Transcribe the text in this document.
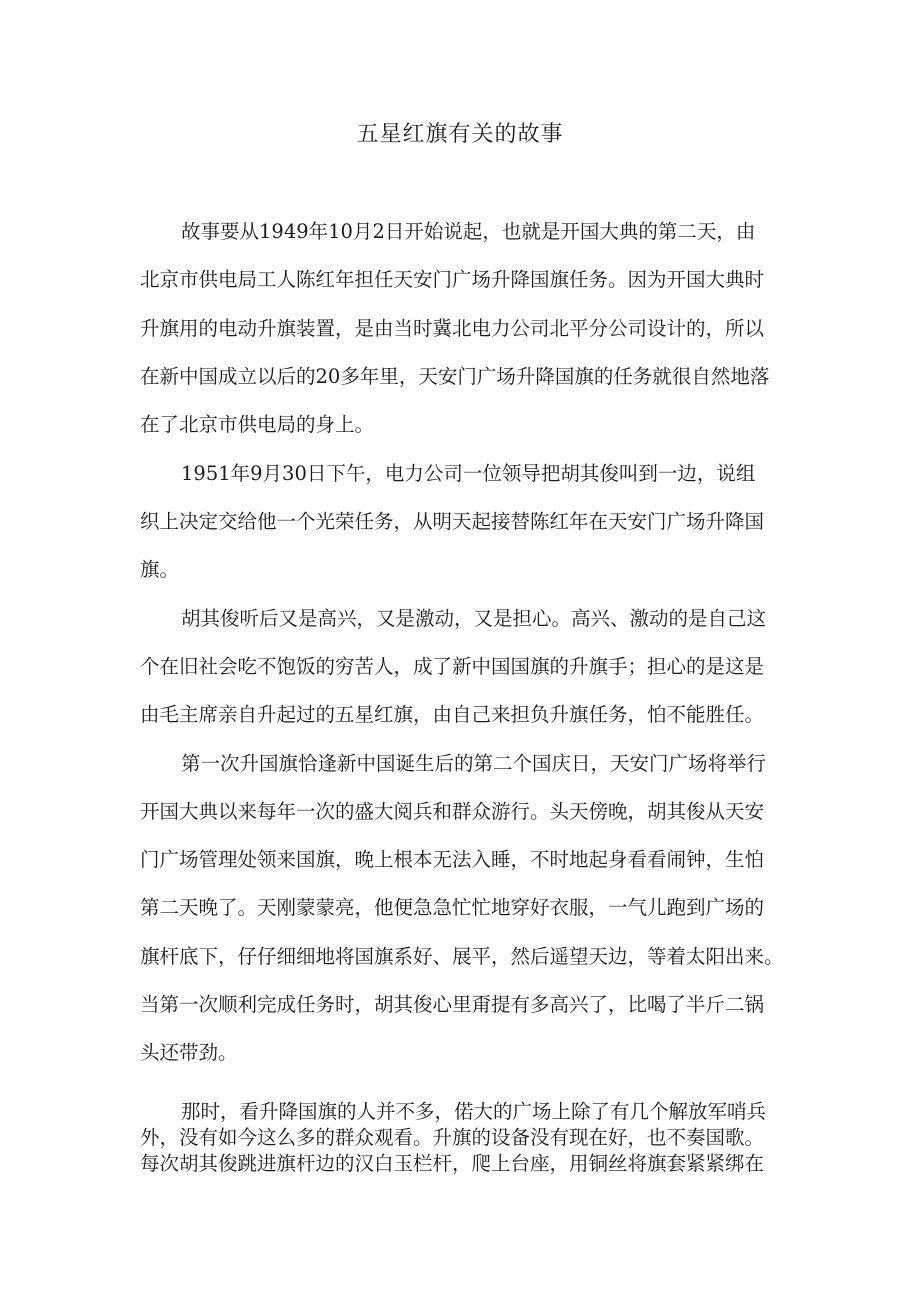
五星红旗有关的故事
故事要从1949年10月2日开始说起，也就是开国大典的第二天，由
北京市供电局工人陈红年担任天安门广场升降国旗任务。因为开国大典时
升旗用的电动升旗装置，是由当时冀北电力公司北平分公司设计的，所以
在新中国成立以后的20多年里，天安门广场升降国旗的任务就很自然地落
在了北京市供电局的身上。
1951年9月30日下午，电力公司一位领导把胡其俊叫到一边，说组
织上决定交给他一个光荣任务，从明天起接替陈红年在天安门广场升降国
旗。
胡其俊听后又是高兴，又是激动，又是担心。高兴、激动的是自己这
个在旧社会吃不饱饭的穷苦人，成了新中国国旗的升旗手；担心的是这是
由毛主席亲自升起过的五星红旗，由自己来担负升旗任务，怕不能胜任。
第一次升国旗恰逢新中国诞生后的第二个国庆日，天安门广场将举行
开国大典以来每年一次的盛大阅兵和群众游行。头天傍晚，胡其俊从天安
门广场管理处领来国旗，晚上根本无法入睡，不时地起身看看闹钟，生怕
第二天晚了。天刚蒙蒙亮，他便急急忙忙地穿好衣服，一气儿跑到广场的
旗杆底下，仔仔细细地将国旗系好、展平，然后遥望天边，等着太阳出来。
当第一次顺利完成任务时，胡其俊心里甭提有多高兴了，比喝了半斤二锅
头还带劲。
那时，看升降国旗的人并不多，偌大的广场上除了有几个解放军哨兵
外，没有如今这么多的群众观看。升旗的设备没有现在好，也不奏国歌。
每次胡其俊跳进旗杆边的汉白玉栏杆，爬上台座，用铜丝将旗套紧紧绑在
